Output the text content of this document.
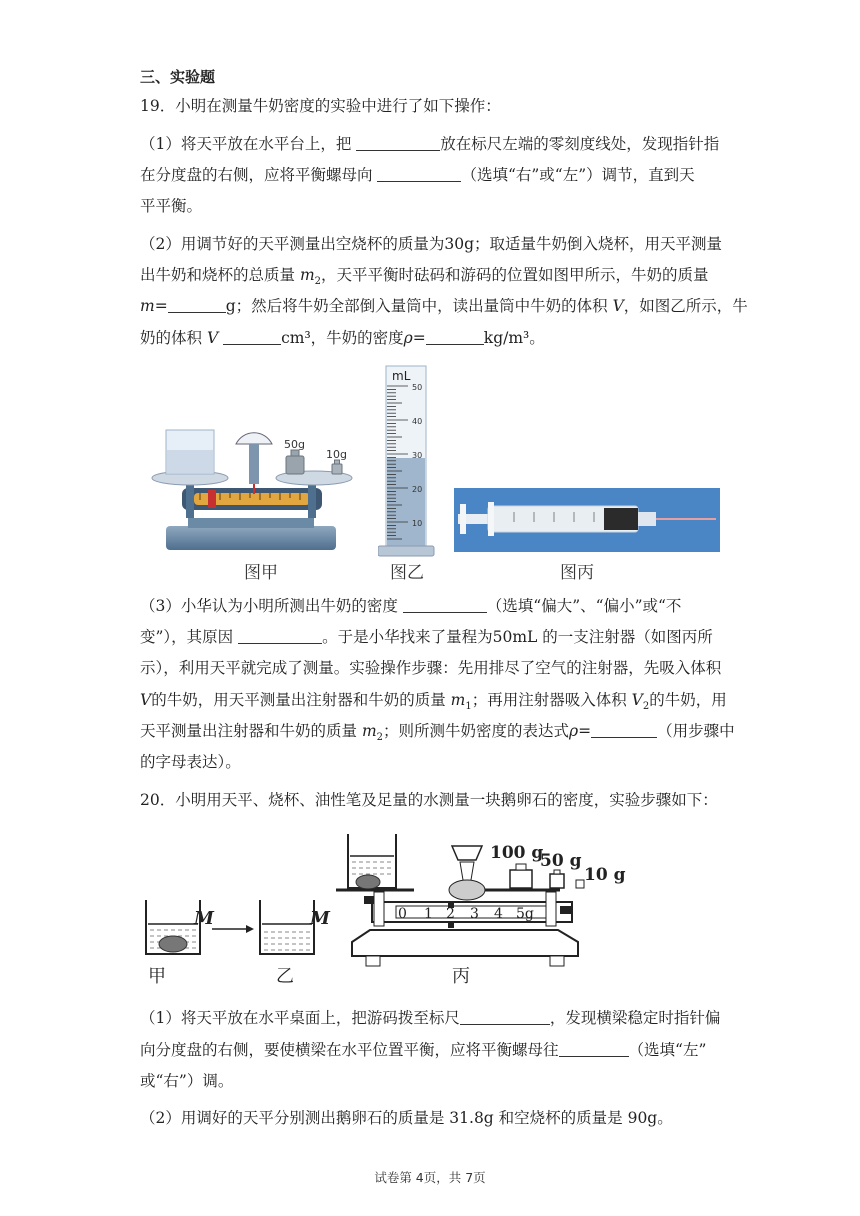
三、实验题
19．小明在测量牛奶密度的实验中进行了如下操作：
（1）将天平放在水平台上，把	放在标尺左端的零刻度线处，发现指针指
在分度盘的右侧，应将平衡螺母向	（选填“右”或“左”）调节，直到天
平平衡。
（2）用调节好的天平测量出空烧杯的质量为30g；取适量牛奶倒入烧杯，用天平测量
出牛奶和烧杯的总质量 $m_2$，天平平衡时砝码和游码的位置如图甲所示，牛奶的质量
m=	g；然后将牛奶全部倒入量筒中，读出量筒中牛奶的体积 V，如图乙所示，牛
奶的体积 V	cm³，牛奶的密度ρ=	kg/m³。
50g
10g
mL
50
40
30
20
10
图甲	图乙	图丙
（3）小华认为小明所测出牛奶的密度	（选填“偏大”、“偏小”或“不
变”），其原因	。于是小华找来了量程为50mL 的一支注射器（如图丙所
示），利用天平就完成了测量。实验操作步骤：先用排尽了空气的注射器，先吸入体积
V的牛奶，用天平测量出注射器和牛奶的质量 $m_1$；再用注射器吸入体积 $V_2$的牛奶，用
天平测量出注射器和牛奶的质量 $m_2$；则所测牛奶密度的表达式ρ=	（用步骤中
的字母表达）。
20．小明用天平、烧杯、油性笔及足量的水测量一块鹅卵石的密度，实验步骤如下：
M	M
100 g
50 g
10 g
0 1 2 3 4 5g
甲	乙	丙
（1）将天平放在水平桌面上，把游码拨至标尺	，发现横梁稳定时指针偏
向分度盘的右侧，要使横梁在水平位置平衡，应将平衡螺母往	（选填“左”
或“右”）调。
（2）用调好的天平分别测出鹅卵石的质量是 31.8g 和空烧杯的质量是 90g。
试卷第 4页，共 7页
